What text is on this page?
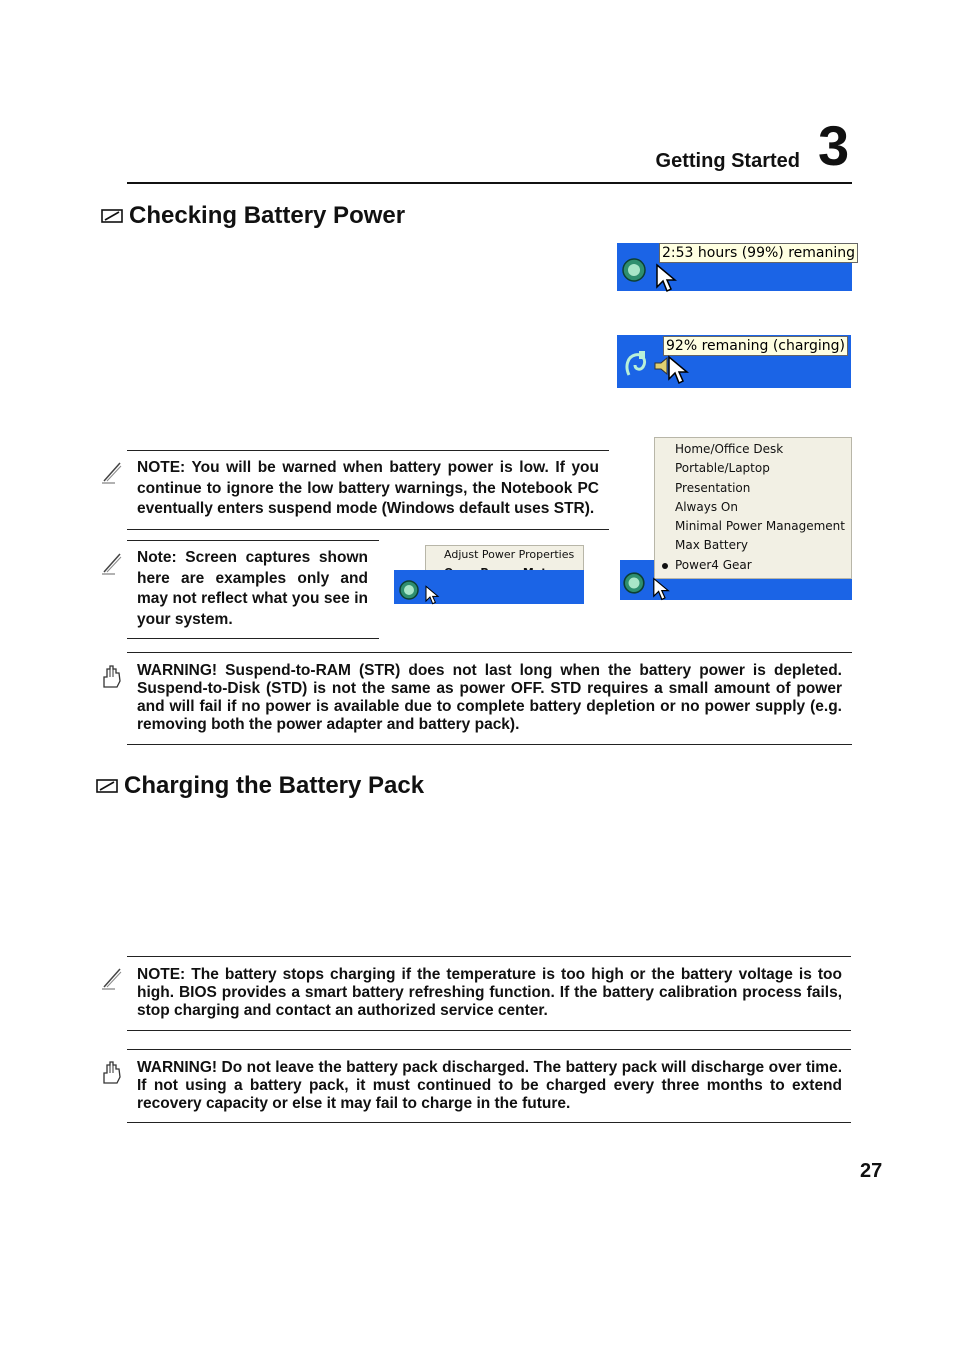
Getting Started 3
Checking Battery Power
2:53 hours (99%) remaning
92% remaning (charging)
NOTE: You will be warned when battery power is low. If you continue to ignore the low battery warnings, the Notebook PC eventually enters suspend mode (Windows default uses STR).
Note: Screen captures shown here are examples only and may not reflect what you see in your system.
Adjust Power Properties
Home/Office Desk
Portable/Laptop
Presentation
Always On
Minimal Power Management
Max Battery
Power4 Gear
WARNING! Suspend-to-RAM (STR) does not last long when the battery power is depleted. Suspend-to-Disk (STD) is not the same as power OFF. STD requires a small amount of power and will fail if no power is available due to complete battery depletion or no power supply (e.g. removing both the power adapter and battery pack).
Charging the Battery Pack
NOTE: The battery stops charging if the temperature is too high or the battery voltage is too high. BIOS provides a smart battery refreshing function. If the battery calibration process fails, stop charging and contact an authorized service center.
WARNING! Do not leave the battery pack discharged. The battery pack will discharge over time. If not using a battery pack, it must continued to be charged every three months to extend recovery capacity or else it may fail to charge in the future.
27
